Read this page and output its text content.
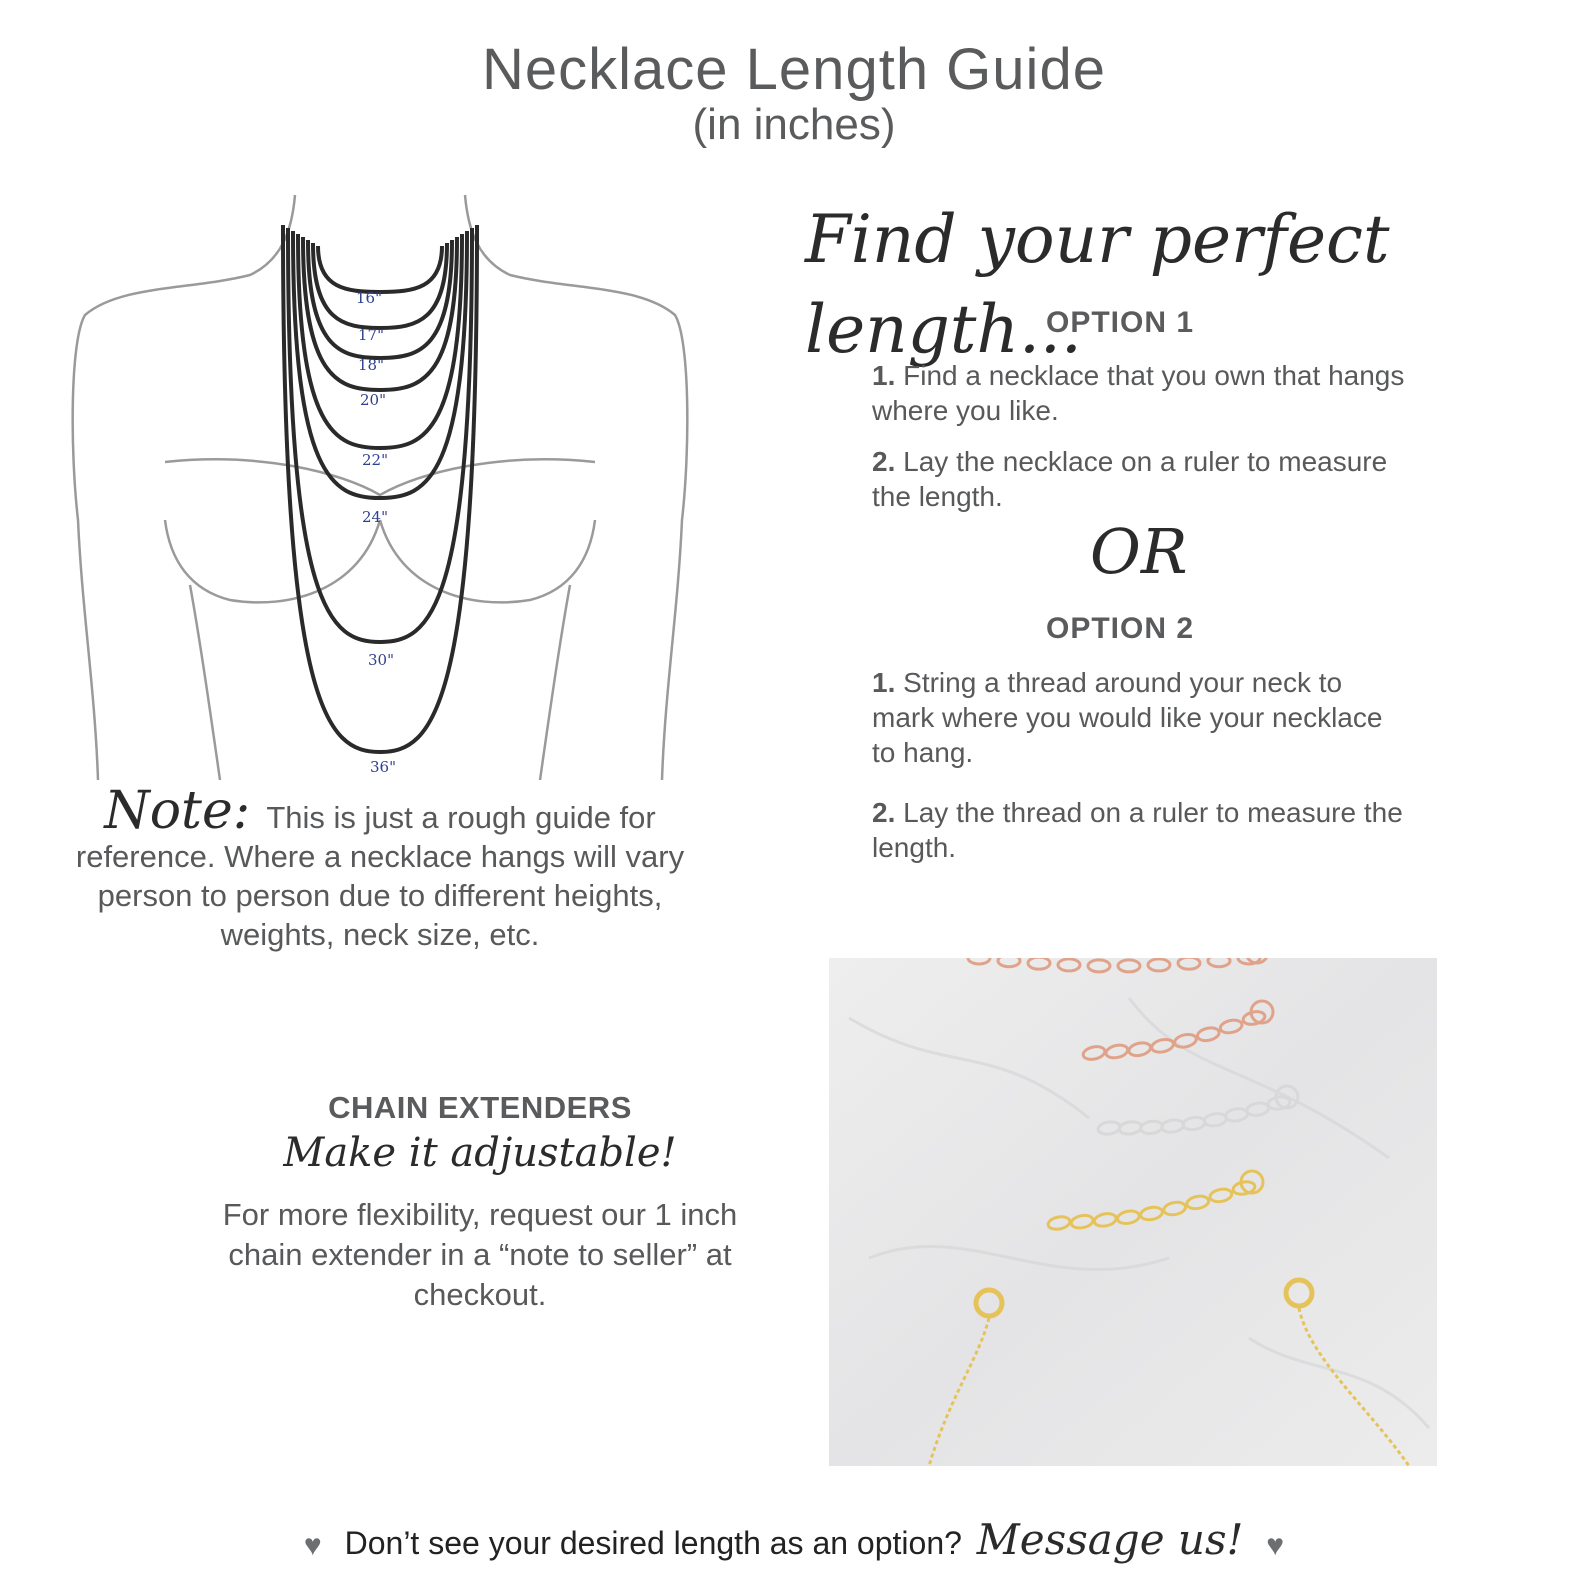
Necklace Length Guide
(in inches)
16"
17"
18"
20"
22"
24"
30"
36"
Find your perfect length...
OPTION 1
1. Find a necklace that you own that hangs where you like.
2. Lay the necklace on a ruler to measure the length.
OR
OPTION 2
1. String a thread around your neck to mark where you would like your necklace to hang.
2. Lay the thread on a ruler to measure the length.
Note: This is just a rough guide for reference. Where a necklace hangs will vary person to person due to different heights, weights, neck size, etc.
CHAIN EXTENDERS
Make it adjustable!
For more flexibility, request our 1 inch chain extender in a “note to seller” at checkout.
♥ Don’t see your desired length as an option? Message us! ♥
